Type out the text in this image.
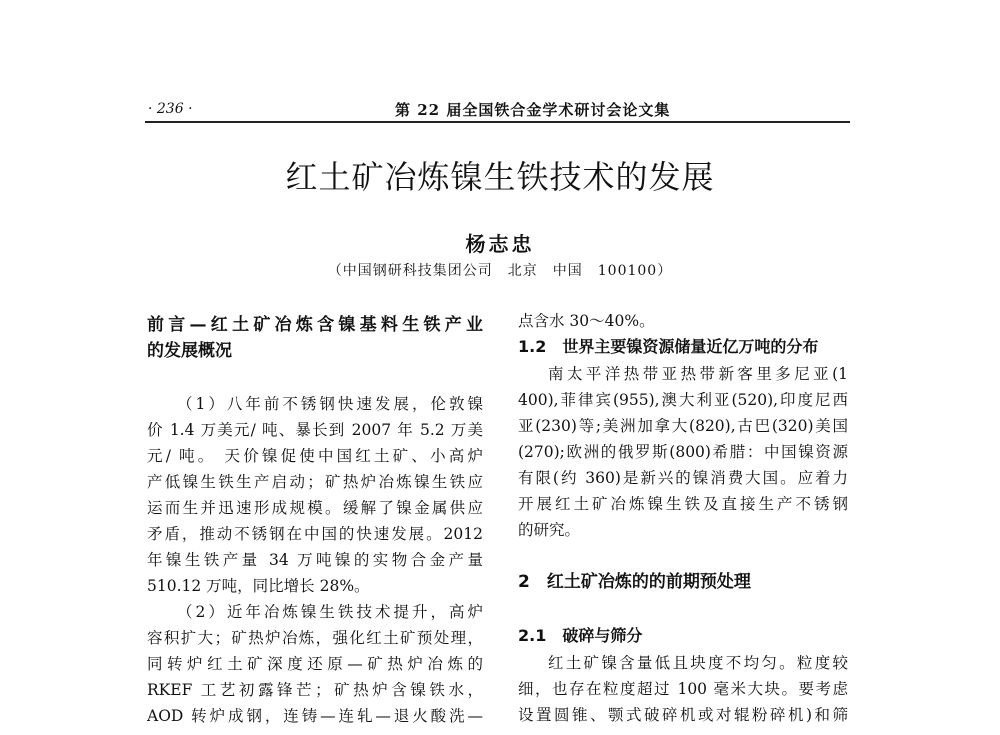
· 236 ·	第 22 届全国铁合金学术研讨会论文集
红土矿冶炼镍生铁技术的发展
杨志忠
（中国钢研科技集团公司　北京　中国　100100）
前言—红土矿冶炼含镍基料生铁产业
的发展概况
（1）八年前不锈钢快速发展，伦敦镍
价 1.4 万美元/ 吨、暴长到 2007 年 5.2 万美
元/ 吨。 天价镍促使中国红土矿、小高炉
产低镍生铁生产启动；矿热炉冶炼镍生铁应
运而生并迅速形成规模。缓解了镍金属供应
矛盾，推动不锈钢在中国的快速发展。2012
年镍生铁产量 34 万吨镍的实物合金产量
510.12 万吨，同比增长 28%。
（2）近年冶炼镍生铁技术提升，高炉
容积扩大；矿热炉冶炼，强化红土矿预处理，
同转炉红土矿深度还原—矿热炉冶炼的
RKEF 工艺初露锋芒；矿热炉含镍铁水，
AOD 转炉成钢，连铸—连轧—退火酸洗—
点含水 30～40%。
1.2　世界主要镍资源储量近亿万吨的分布
南太平洋热带亚热带新客里多尼亚(1
400),菲律宾(955),澳大利亚(520),印度尼西
亚(230)等;美洲加拿大(820),古巴(320)美国
(270);欧洲的俄罗斯(800)希腊：中国镍资源
有限(约 360)是新兴的镍消费大国。应着力
开展红土矿冶炼镍生铁及直接生产不锈钢
的研究。
2　红土矿冶炼的的前期预处理
2.1　破碎与筛分
红土矿镍含量低且块度不均匀。粒度较
细，也存在粒度超过 100 毫米大块。要考虑
设置圆锥、颚式破碎机或对辊粉碎机)和筛
